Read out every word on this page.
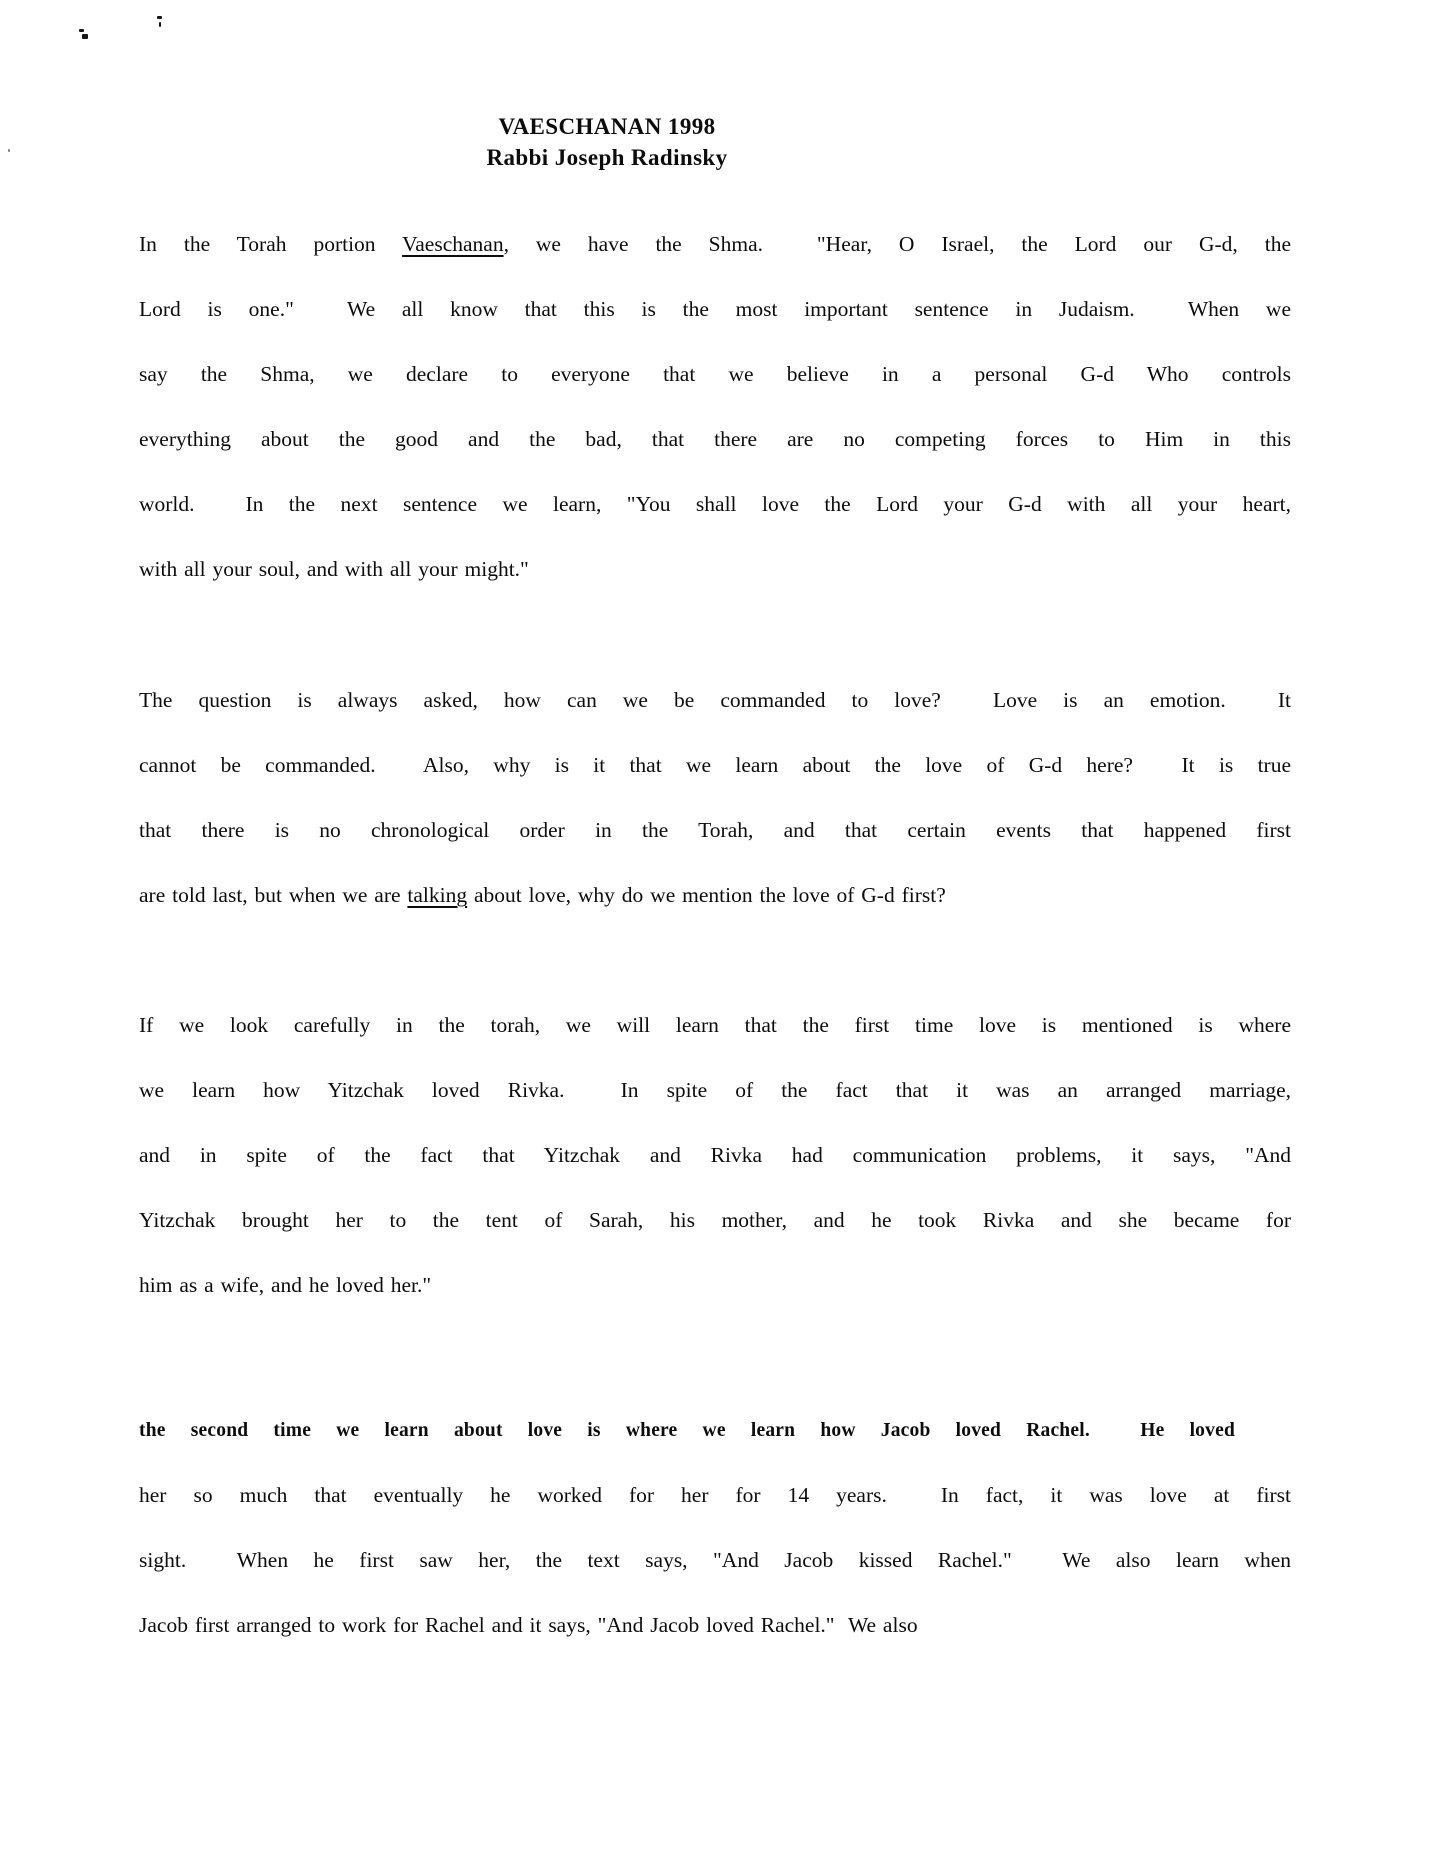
VAESCHANAN 1998
Rabbi Joseph Radinsky
In the Torah portion Vaeschanan, we have the Shma.  "Hear, O Israel, the Lord our G-d, the
Lord is one."  We all know that this is the most important sentence in Judaism.  When we
say the Shma, we declare to everyone that we believe in a personal G-d Who controls
everything about the good and the bad, that there are no competing forces to Him in this
world.  In the next sentence we learn, "You shall love the Lord your G-d with all your heart,
with all your soul, and with all your might."
The question is always asked, how can we be commanded to love?  Love is an emotion.  It
cannot be commanded.  Also, why is it that we learn about the love of G-d here?  It is true
that there is no chronological order in the Torah, and that certain events that happened first
are told last, but when we are talking about love, why do we mention the love of G-d first?
If we look carefully in the torah, we will learn that the first time love is mentioned is where
we learn how Yitzchak loved Rivka.  In spite of the fact that it was an arranged marriage,
and in spite of the fact that Yitzchak and Rivka had communication problems, it says, "And
Yitzchak brought her to the tent of Sarah, his mother, and he took Rivka and she became for
him as a wife, and he loved her."
the second time we learn about love is where we learn how Jacob loved Rachel.  He loved
her so much that eventually he worked for her for 14 years.  In fact, it was love at first
sight.  When he first saw her, the text says, "And Jacob kissed Rachel."  We also learn when
Jacob first arranged to work for Rachel and it says, "And Jacob loved Rachel."  We also
